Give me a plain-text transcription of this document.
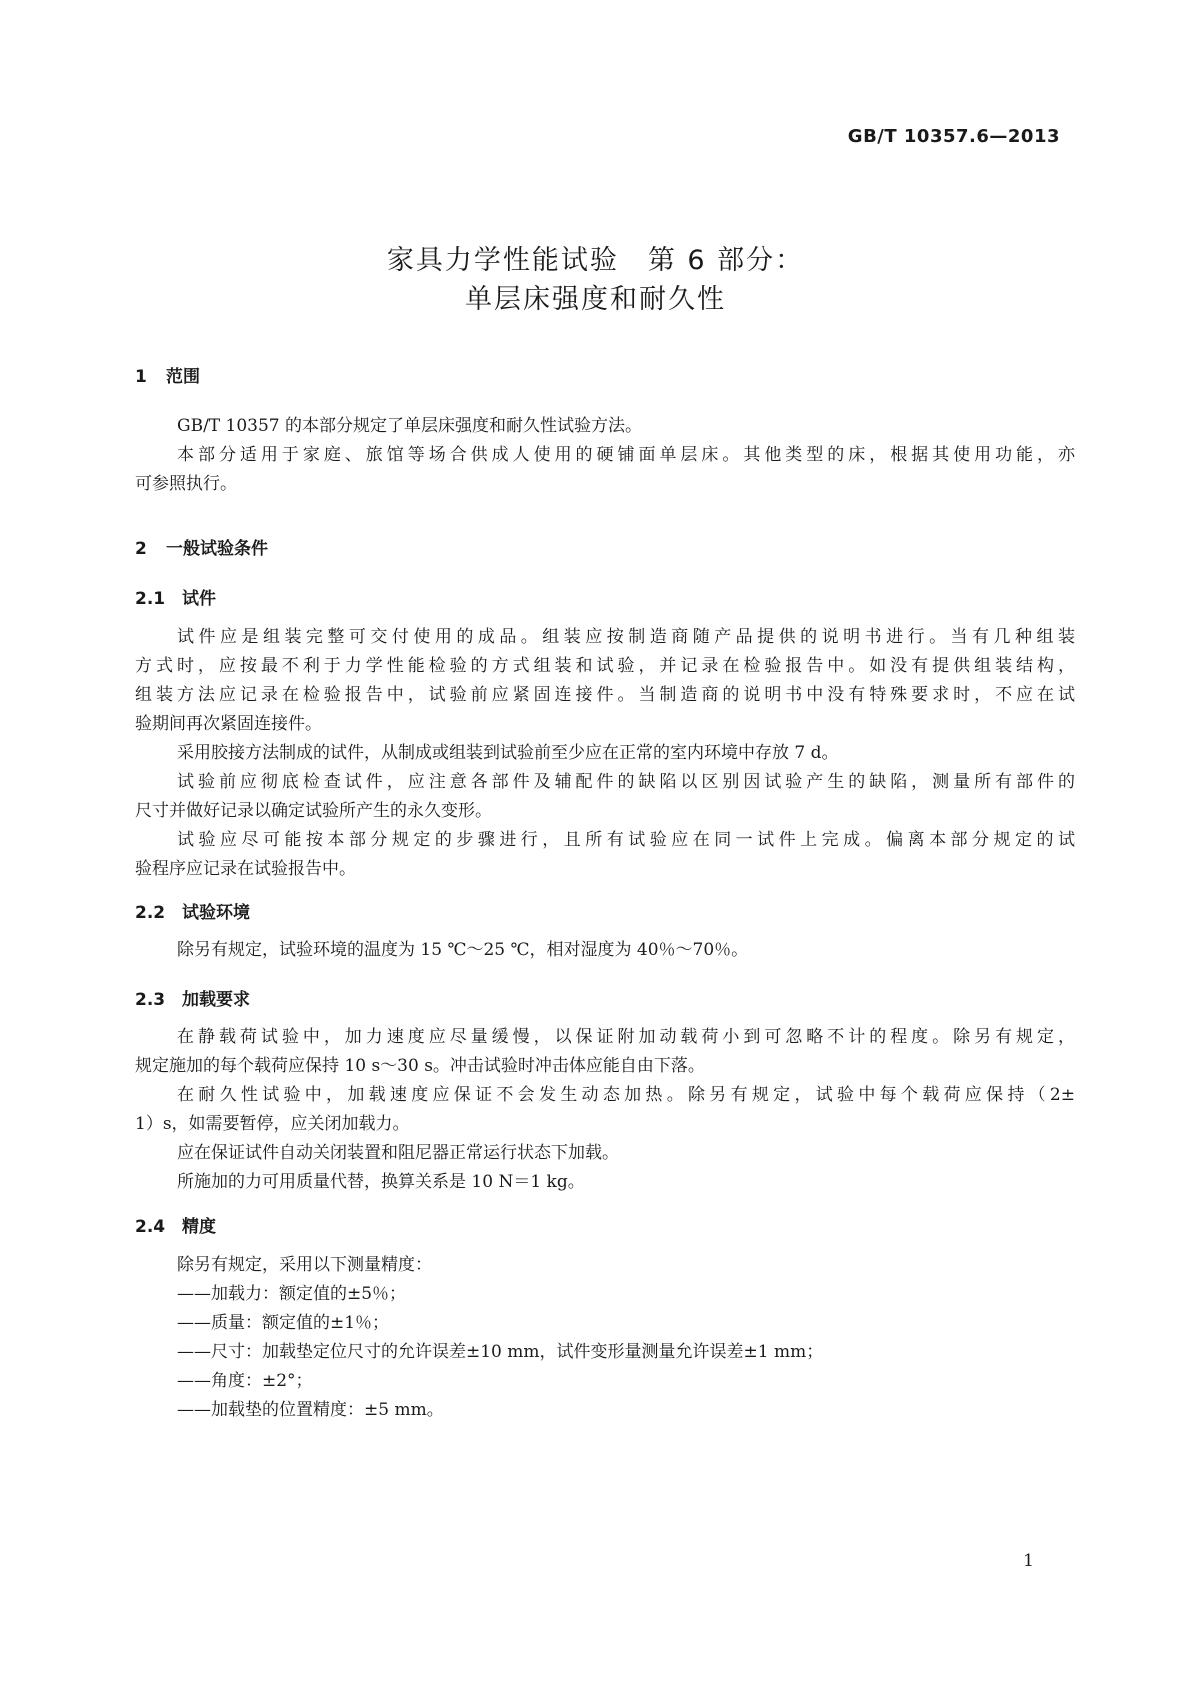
GB/T 10357.6—2013
家具力学性能试验　第 6 部分：
单层床强度和耐久性
1 范围
GB/T 10357 的本部分规定了单层床强度和耐久性试验方法。
本部分适用于家庭、旅馆等场合供成人使用的硬铺面单层床。其他类型的床，根据其使用功能，亦
可参照执行。
2 一般试验条件
2.1 试件
试件应是组装完整可交付使用的成品。组装应按制造商随产品提供的说明书进行。当有几种组装
方式时，应按最不利于力学性能检验的方式组装和试验，并记录在检验报告中。如没有提供组装结构，
组装方法应记录在检验报告中，试验前应紧固连接件。当制造商的说明书中没有特殊要求时，不应在试
验期间再次紧固连接件。
采用胶接方法制成的试件，从制成或组装到试验前至少应在正常的室内环境中存放 7 d。
试验前应彻底检查试件，应注意各部件及辅配件的缺陷以区别因试验产生的缺陷，测量所有部件的
尺寸并做好记录以确定试验所产生的永久变形。
试验应尽可能按本部分规定的步骤进行，且所有试验应在同一试件上完成。偏离本部分规定的试
验程序应记录在试验报告中。
2.2 试验环境
除另有规定，试验环境的温度为 15 ℃～25 ℃，相对湿度为 40％～70％。
2.3 加载要求
在静载荷试验中，加力速度应尽量缓慢，以保证附加动载荷小到可忽略不计的程度。除另有规定，
规定施加的每个载荷应保持 10 s～30 s。冲击试验时冲击体应能自由下落。
在耐久性试验中，加载速度应保证不会发生动态加热。除另有规定，试验中每个载荷应保持（2±
1）s，如需要暂停，应关闭加载力。
应在保证试件自动关闭装置和阻尼器正常运行状态下加载。
所施加的力可用质量代替，换算关系是 10 N＝1 kg。
2.4 精度
除另有规定，采用以下测量精度：
——加载力：额定值的±5％；
——质量：额定值的±1％；
——尺寸：加载垫定位尺寸的允许误差±10 mm，试件变形量测量允许误差±1 mm；
——角度：±2°；
——加载垫的位置精度：±5 mm。
1
